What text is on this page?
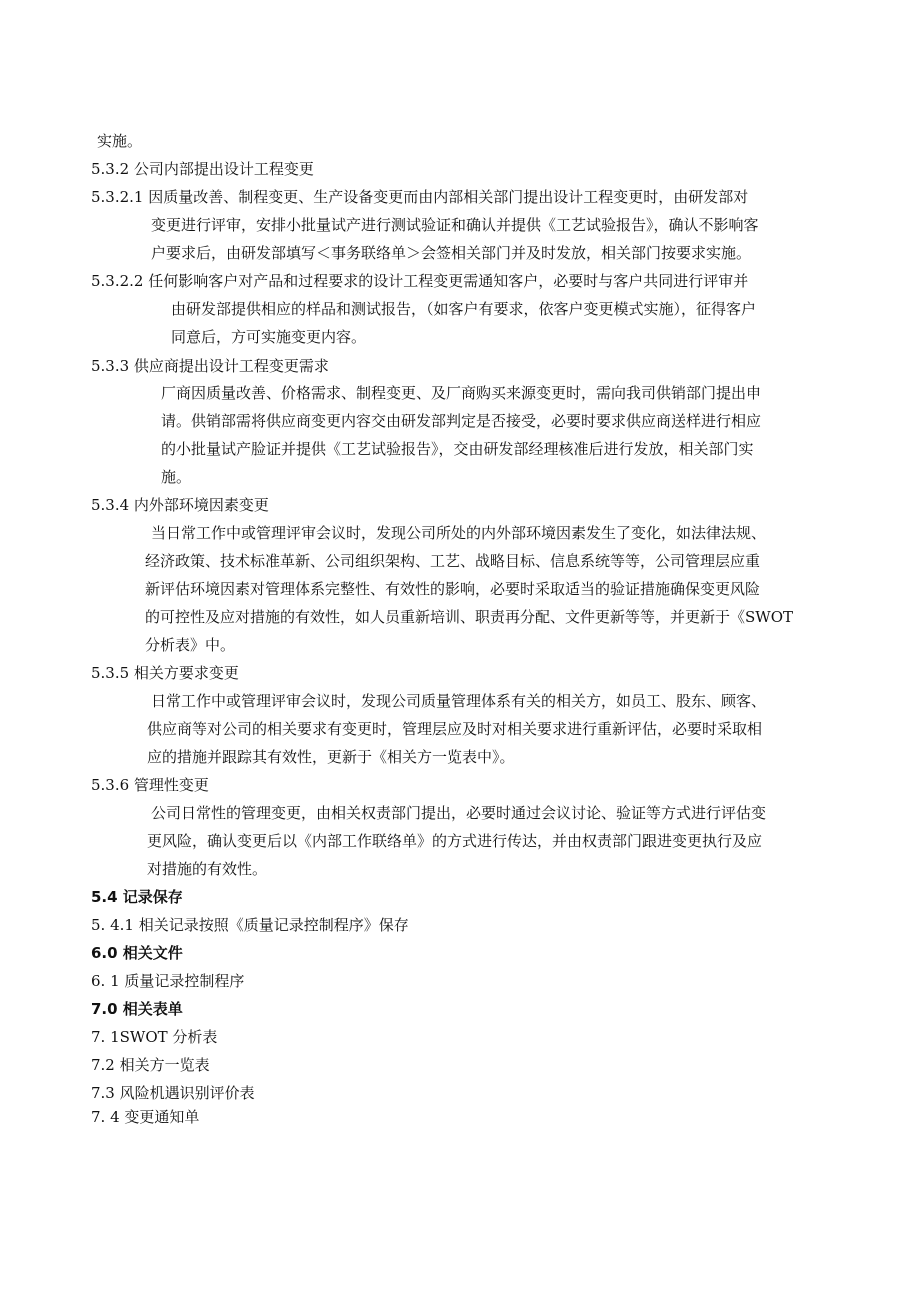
实施。
5.3.2 公司内部提出设计工程变更
5.3.2.1 因质量改善、制程变更、生产设备变更而由内部相关部门提出设计工程变更时，由研发部对
变更进行评审，安排小批量试产进行测试验证和确认并提供《工艺试验报告》，确认不影响客
户要求后，由研发部填写＜事务联络单＞会签相关部门并及时发放，相关部门按要求实施。
5.3.2.2 任何影响客户对产品和过程要求的设计工程变更需通知客户，必要时与客户共同进行评审并
由研发部提供相应的样品和测试报告，（如客户有要求，依客户变更模式实施），征得客户
同意后，方可实施变更内容。
5.3.3 供应商提出设计工程变更需求
厂商因质量改善、价格需求、制程变更、及厂商购买来源变更时，需向我司供销部门提出申
请。供销部需将供应商变更内容交由研发部判定是否接受，必要时要求供应商送样进行相应
的小批量试产脸证并提供《工艺试验报告》，交由研发部经理核准后进行发放，相关部门实
施。
5.3.4 内外部环境因素变更
当日常工作中或管理评审会议时，发现公司所处的内外部环境因素发生了变化，如法律法规、
经济政策、技术标准革新、公司组织架构、工艺、战略目标、信息系统等等，公司管理层应重
新评估环境因素对管理体系完整性、有效性的影响，必要时采取适当的验证措施确保变更风险
的可控性及应对措施的有效性，如人员重新培训、职责再分配、文件更新等等，并更新于《SWOT
分析表》中。
5.3.5 相关方要求变更
日常工作中或管理评审会议时，发现公司质量管理体系有关的相关方，如员工、股东、顾客、
供应商等对公司的相关要求有变更时，管理层应及时对相关要求进行重新评估，必要时采取相
应的措施并跟踪其有效性，更新于《相关方一览表中》。
5.3.6 管理性变更
公司日常性的管理变更，由相关权责部门提出，必要时通过会议讨论、验证等方式进行评估变
更风险，确认变更后以《内部工作联络单》的方式进行传达，并由权责部门跟进变更执行及应
对措施的有效性。
5.4 记录保存
5. 4.1 相关记录按照《质量记录控制程序》保存
6.0 相关文件
6. 1 质量记录控制程序
7.0 相关表单
7. 1SWOT 分析表
7.2 相关方一览表
7.3 风险机遇识别评价表
7. 4 变更通知单
